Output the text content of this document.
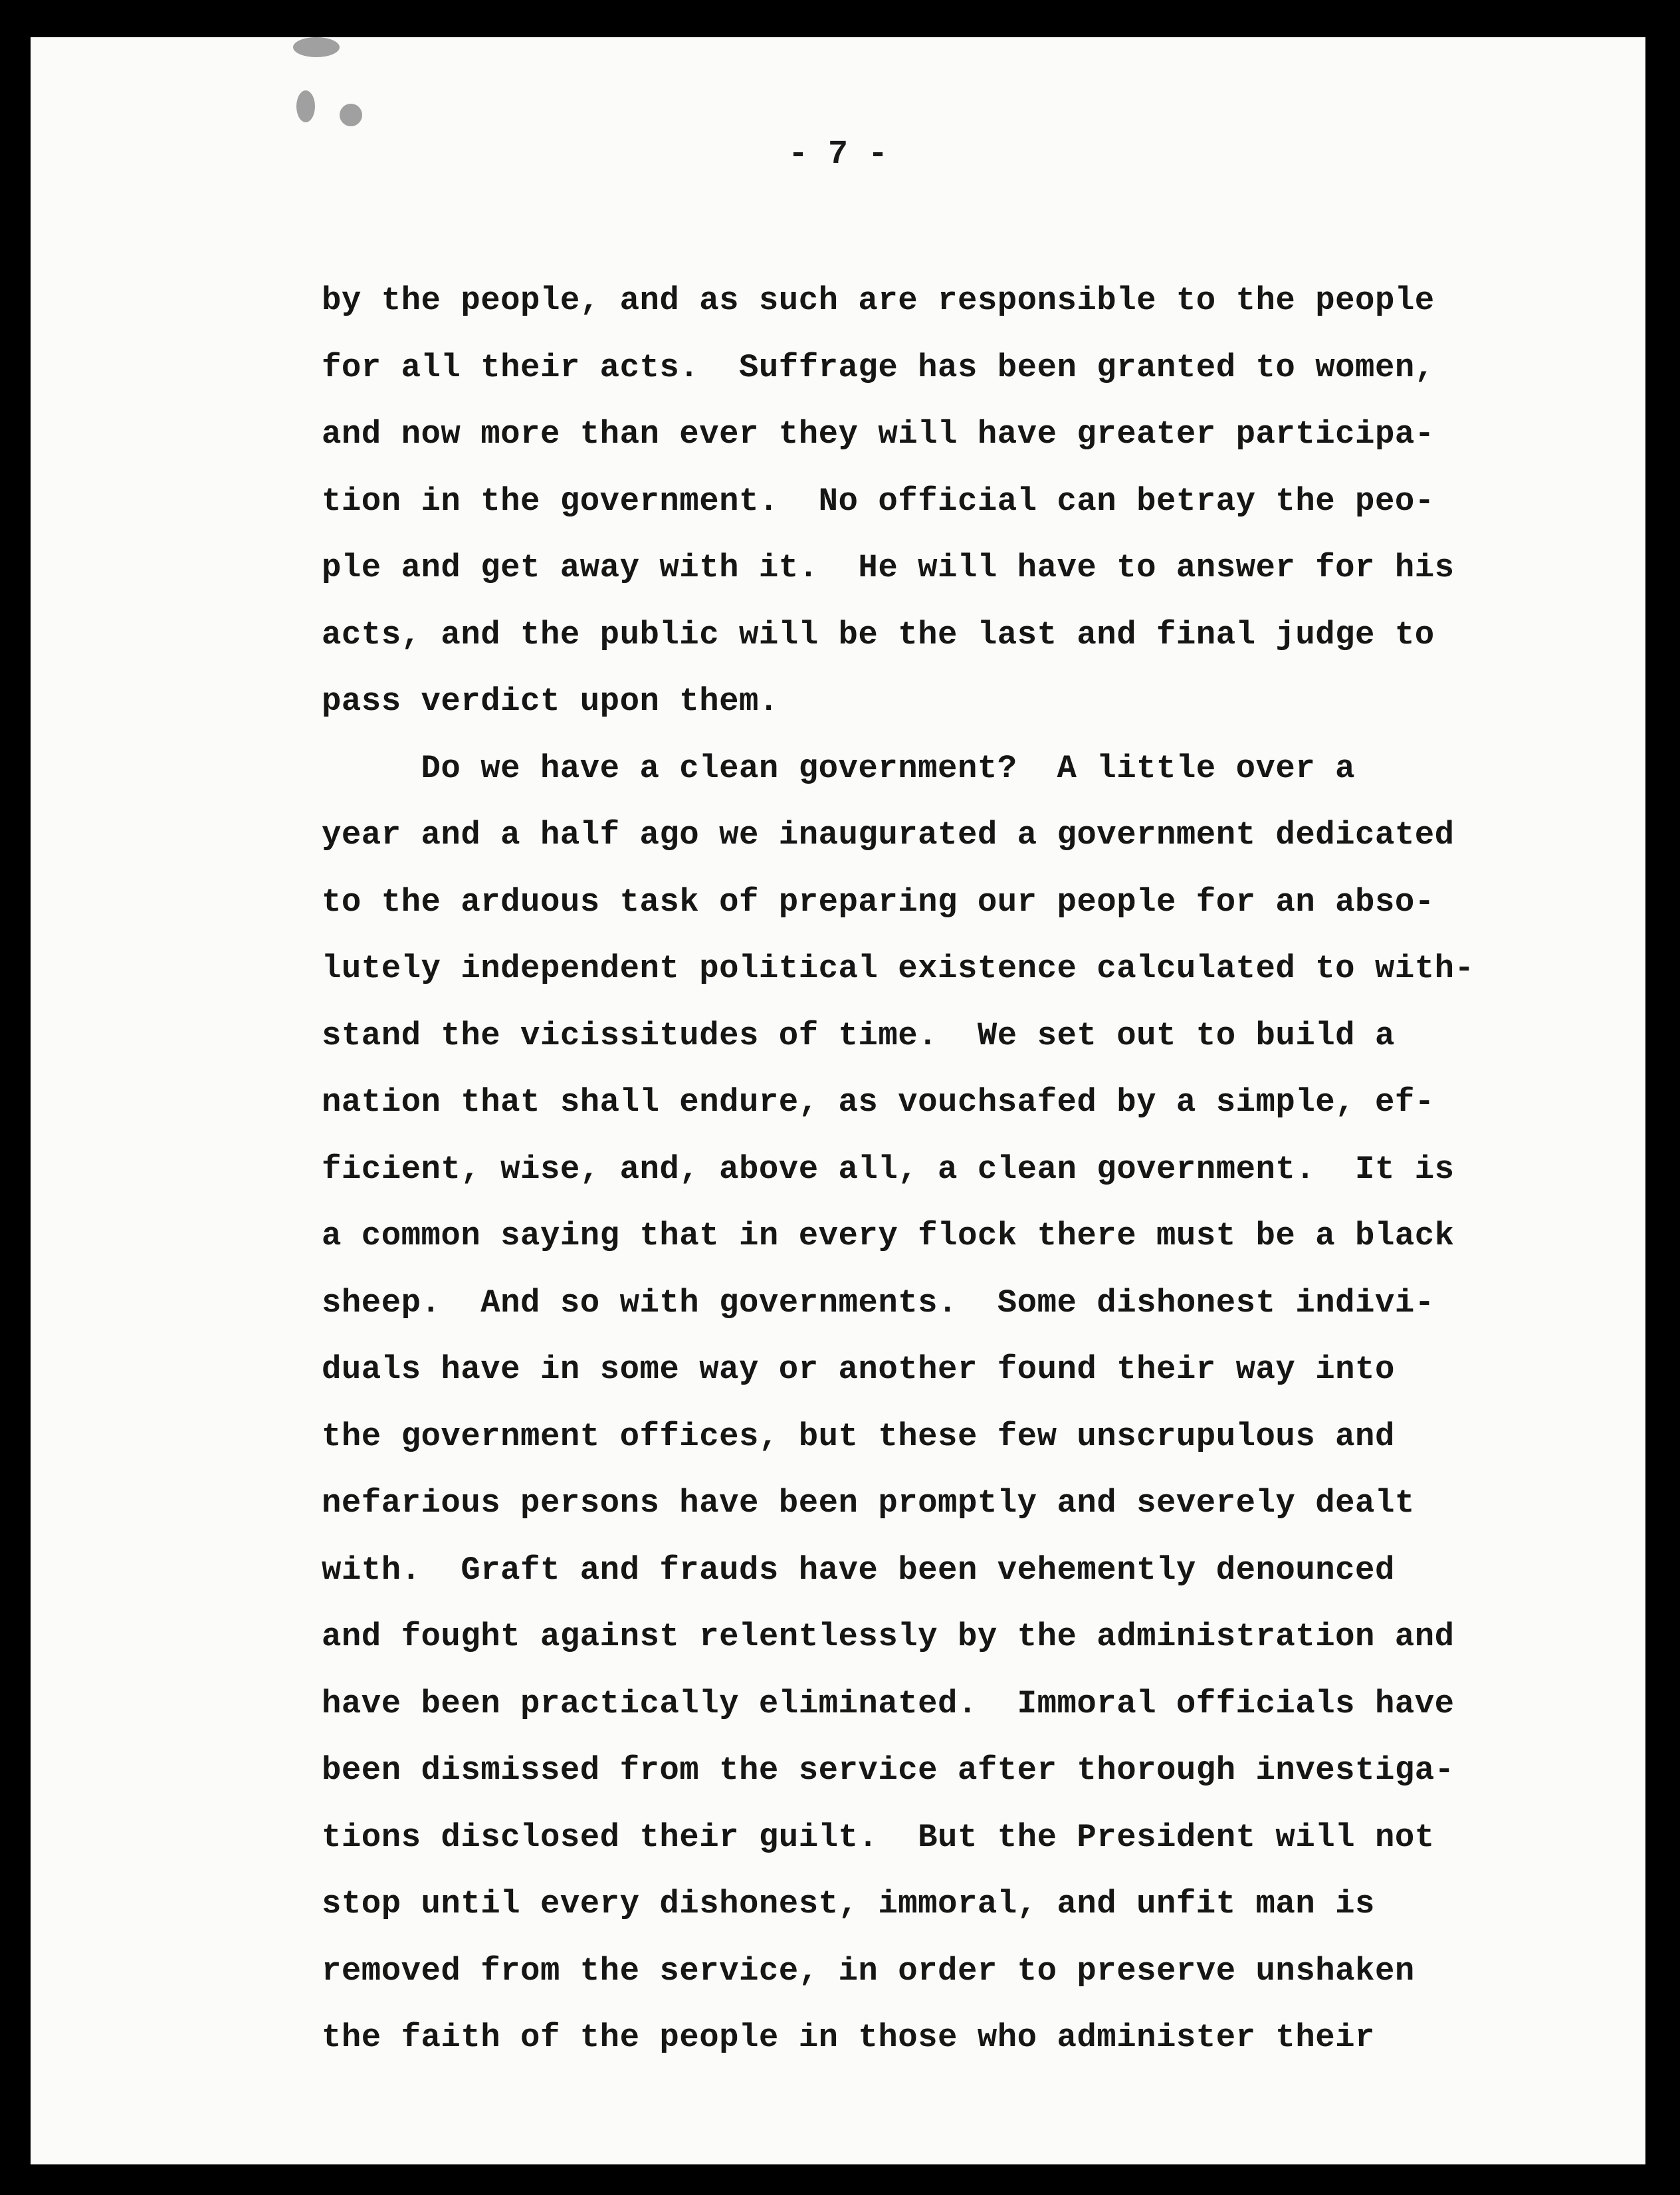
- 7 -
by the people, and as such are responsible to the people
for all their acts.  Suffrage has been granted to women,
and now more than ever they will have greater participa-
tion in the government.  No official can betray the peo-
ple and get away with it.  He will have to answer for his
acts, and the public will be the last and final judge to
pass verdict upon them.
Do we have a clean government?  A little over a
year and a half ago we inaugurated a government dedicated
to the arduous task of preparing our people for an abso-
lutely independent political existence calculated to with-
stand the vicissitudes of time.  We set out to build a
nation that shall endure, as vouchsafed by a simple, ef-
ficient, wise, and, above all, a clean government.  It is
a common saying that in every flock there must be a black
sheep.  And so with governments.  Some dishonest indivi-
duals have in some way or another found their way into
the government offices, but these few unscrupulous and
nefarious persons have been promptly and severely dealt
with.  Graft and frauds have been vehemently denounced
and fought against relentlessly by the administration and
have been practically eliminated.  Immoral officials have
been dismissed from the service after thorough investiga-
tions disclosed their guilt.  But the President will not
stop until every dishonest, immoral, and unfit man is
removed from the service, in order to preserve unshaken
the faith of the people in those who administer their
